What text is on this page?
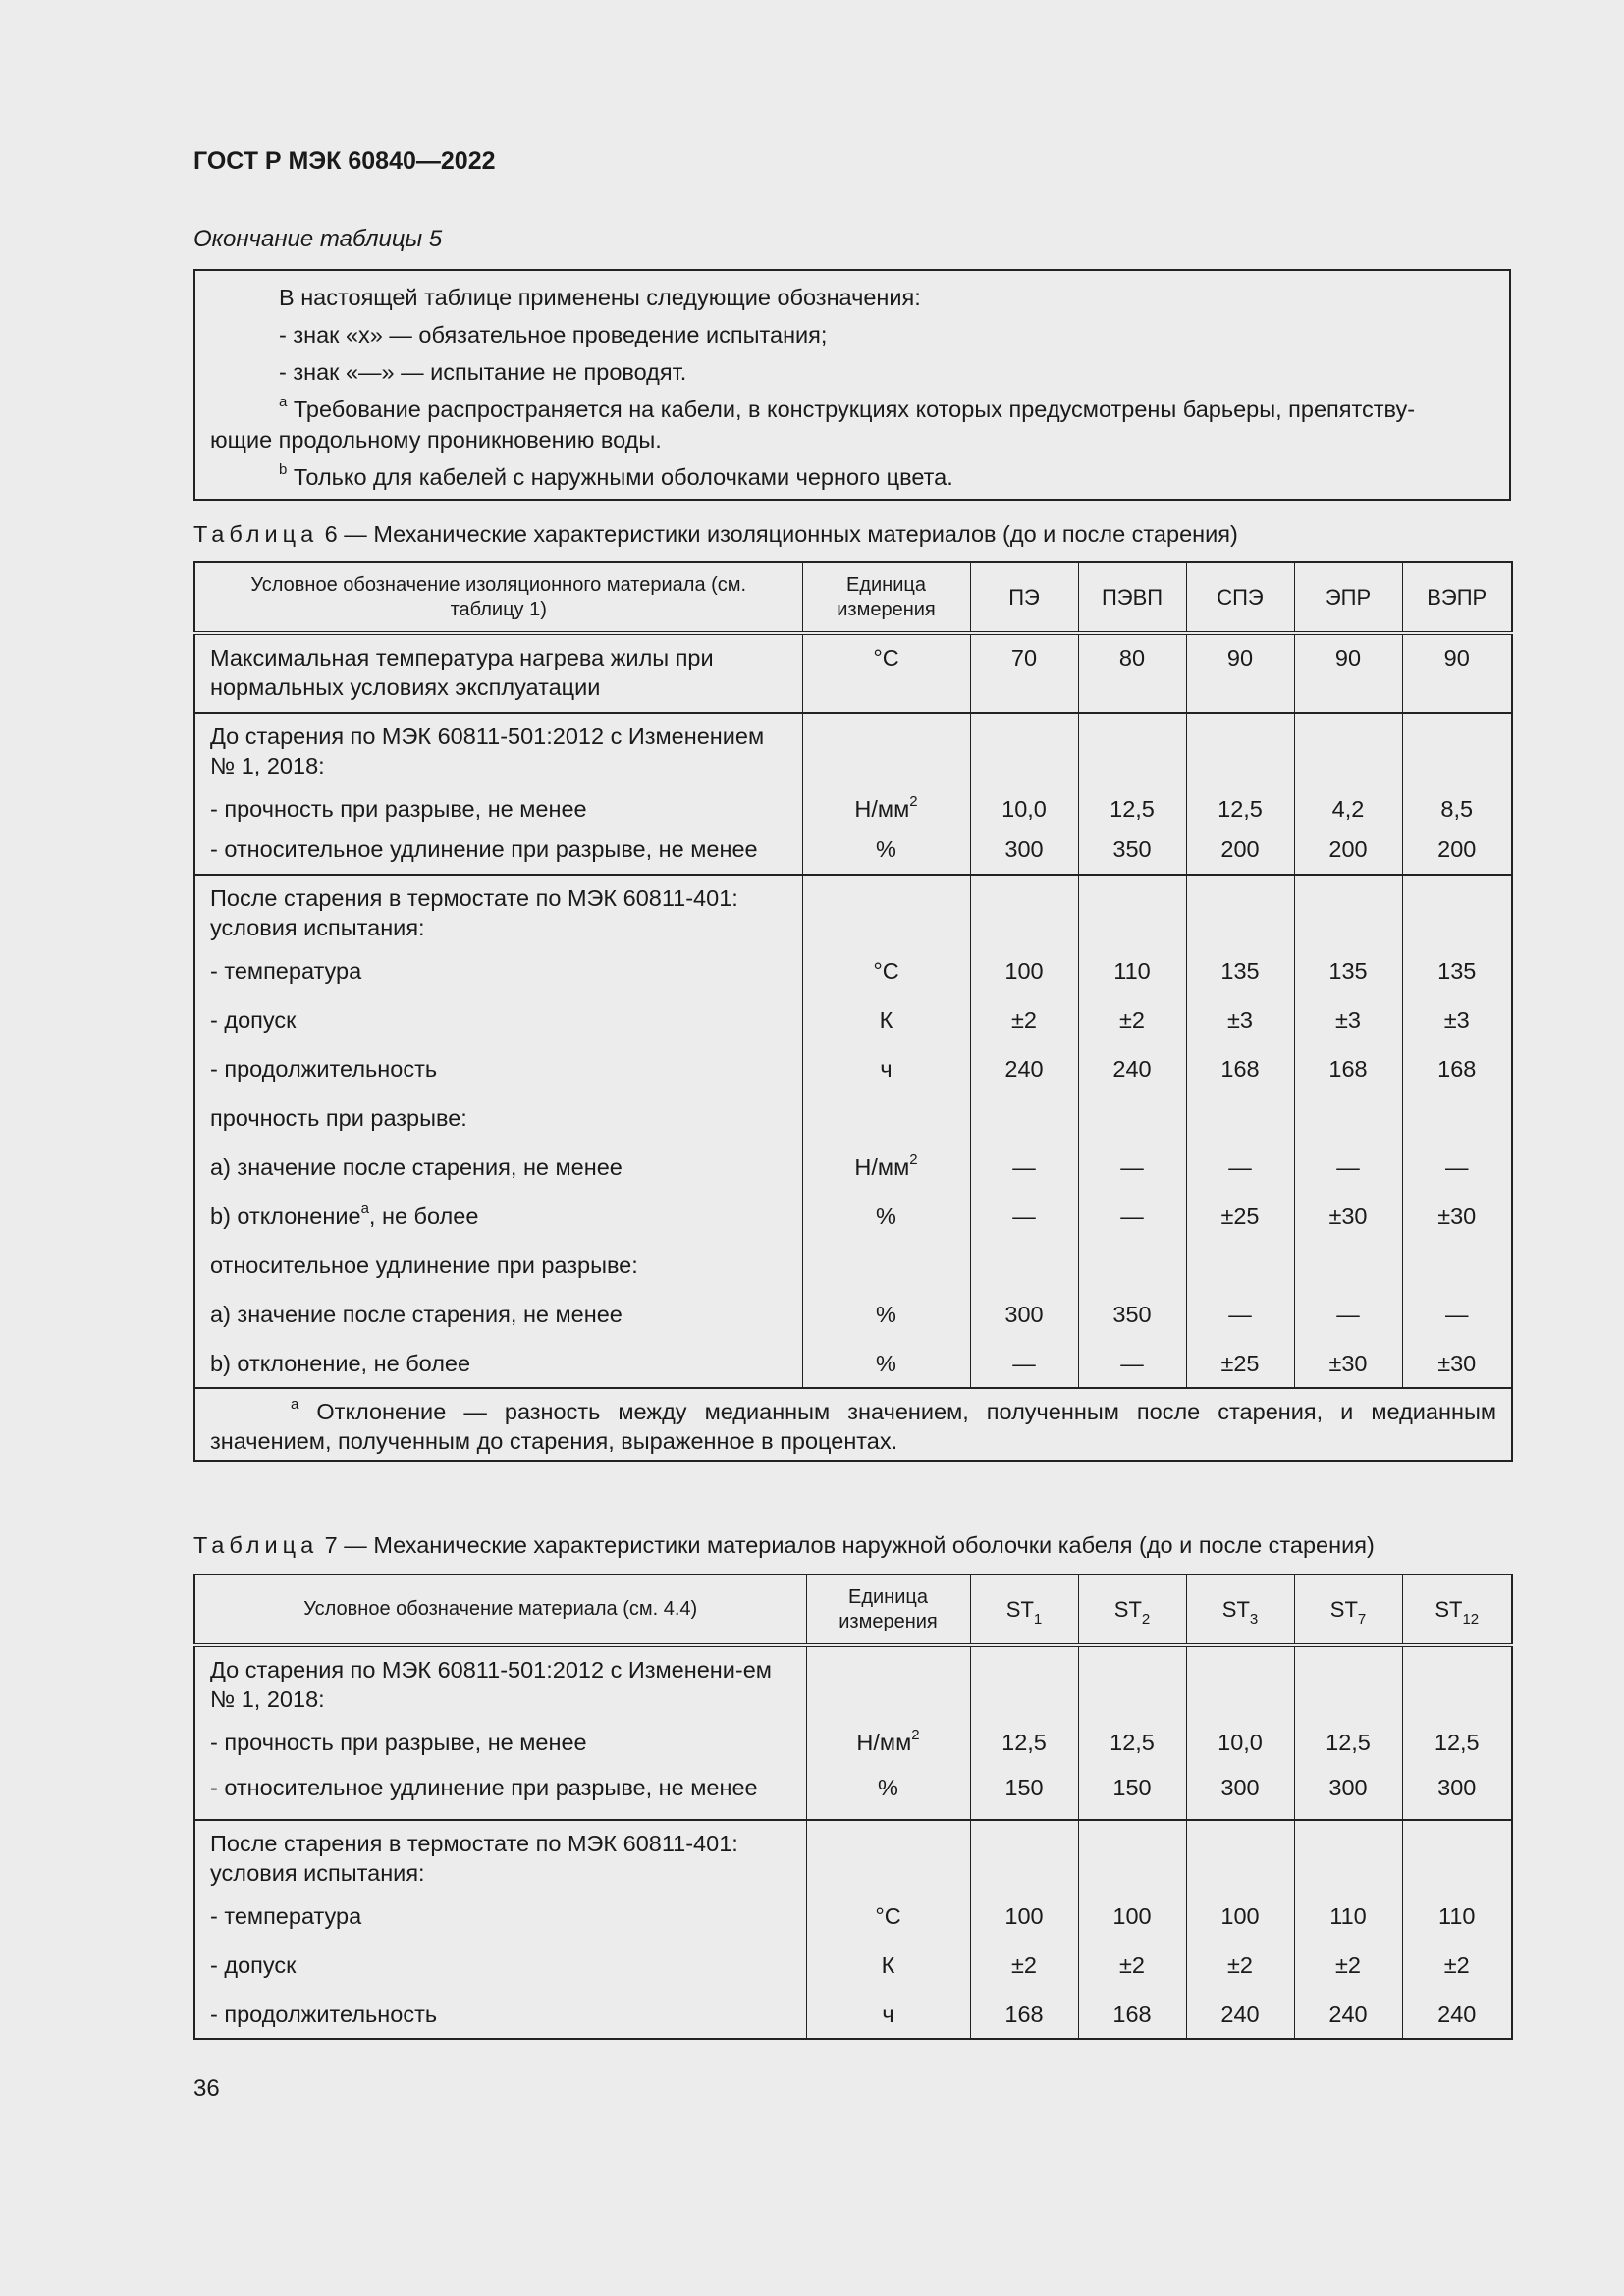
ГОСТ Р МЭК 60840—2022
Окончание таблицы 5
В настоящей таблице применены следующие обозначения:
- знак «х» — обязательное проведение испытания;
- знак «—» — испытание не проводят.
$^a$ Требование распространяется на кабели, в конструкциях которых предусмотрены барьеры, препятству-
ющие продольному проникновению воды.
$^b$ Только для кабелей с наружными оболочками черного цвета.
Таблица 6 — Механические характеристики изоляционных материалов (до и после старения)
Условное обозначение изоляционного материала (см. таблицу 1)	Единица измерения	ПЭ	ПЭВП	СПЭ	ЭПР	ВЭПР
Максимальная температура нагрева жилы при нормальных условиях эксплуатации	°С	70	80	90	90	90
До старения по МЭК 60811-501:2012 с Изменением № 1, 2018:						
- прочность при разрыве, не менее	$Н/мм^2$	10,0	12,5	12,5	4,2	8,5
- относительное удлинение при разрыве, не менее	%	300	350	200	200	200
После старения в термостате по МЭК 60811-401: условия испытания:						
- температура	°С	100	110	135	135	135
- допуск	К	±2	±2	±3	±3	±3
- продолжительность	ч	240	240	168	168	168
прочность при разрыве:						
а) значение после старения, не менее	$Н/мм^2$	—	—	—	—	—
b) отклонение$^a$, не более	%	—	—	±25	±30	±30
относительное удлинение при разрыве:						
а) значение после старения, не менее	%	300	350	—	—	—
b) отклонение, не более	%	—	—	±25	±30	±30
$^a$ Отклонение — разность между медианным значением, полученным после старения, и медианным значением, полученным до старения, выраженное в процентах.						
Таблица 7 — Механические характеристики материалов наружной оболочки кабеля (до и после старения)
Условное обозначение материала (см. 4.4)	Единица измерения	$ST_1$	$ST_2$	$ST_3$	$ST_7$	$ST_{12}$
До старения по МЭК 60811-501:2012 с Изменени-ем № 1, 2018:						
- прочность при разрыве, не менее	$Н/мм^2$	12,5	12,5	10,0	12,5	12,5
- относительное удлинение при разрыве, не менее	%	150	150	300	300	300
После старения в термостате по МЭК 60811-401: условия испытания:						
- температура	°С	100	100	100	110	110
- допуск	К	±2	±2	±2	±2	±2
- продолжительность	ч	168	168	240	240	240
36
